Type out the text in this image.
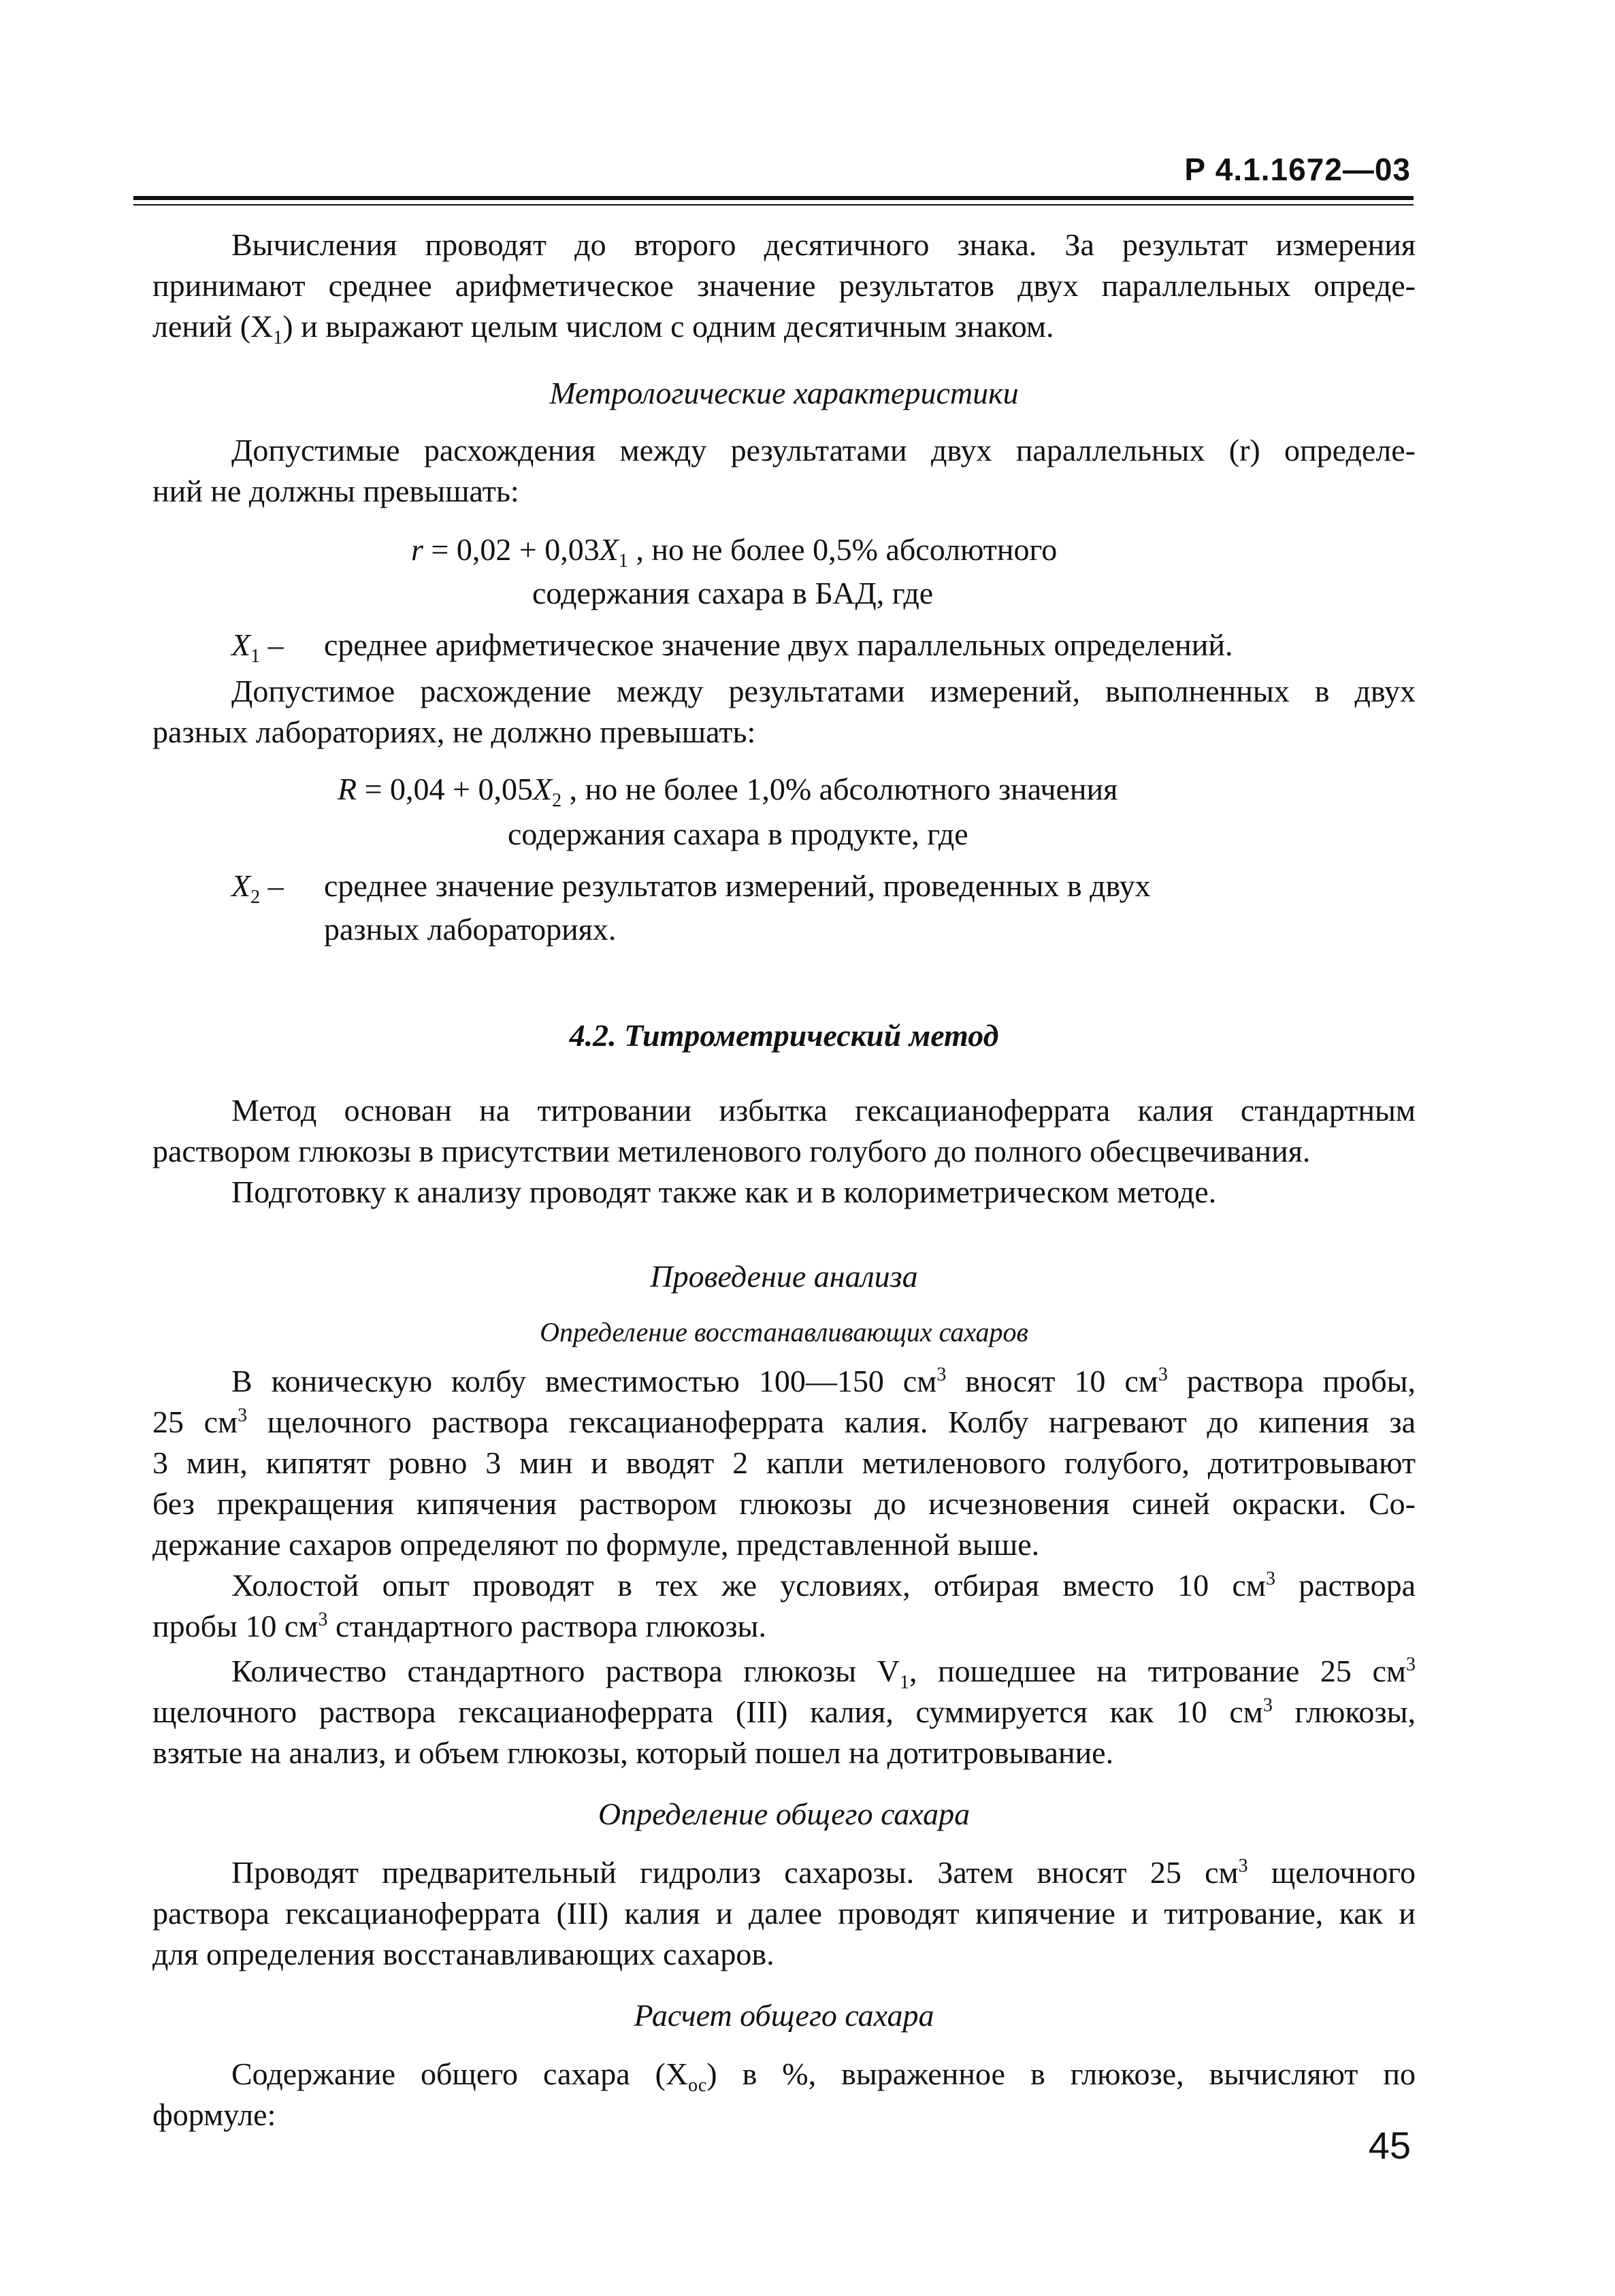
Р 4.1.1672—03
Вычисления проводят до второго десятичного знака. За результат измерения
принимают среднее арифметическое значение результатов двух параллельных опреде-
лений $(X_1)$ и выражают целым числом с одним десятичным знаком.
Метрологические характеристики
Допустимые расхождения между результатами двух параллельных (r) определе-
ний не должны превышать:
$r = 0,02 + 0,03X_1$ , но не более 0,5% абсолютного
содержания сахара в БАД, где
$X_1$ – среднее арифметическое значение двух параллельных определений.
Допустимое расхождение между результатами измерений, выполненных в двух
разных лабораториях, не должно превышать:
$R = 0,04 + 0,05X_2$ , но не более 1,0% абсолютного значения
содержания сахара в продукте, где
$X_2$ – среднее значение результатов измерений, проведенных в двух
разных лабораториях.
4.2. Титрометрический метод
Метод основан на титровании избытка гексацианоферрата калия стандартным
раствором глюкозы в присутствии метиленового голубого до полного обесцвечивания.
Подготовку к анализу проводят также как и в колориметрическом методе.
Проведение анализа
Определение восстанавливающих сахаров
В коническую колбу вместимостью 100—150 $см^3$ вносят 10 $см^3$ раствора пробы,
25 $см^3$ щелочного раствора гексацианоферрата калия. Колбу нагревают до кипения за
3 мин, кипятят ровно 3 мин и вводят 2 капли метиленового голубого, дотитровывают
без прекращения кипячения раствором глюкозы до исчезновения синей окраски. Со-
держание сахаров определяют по формуле, представленной выше.
Холостой опыт проводят в тех же условиях, отбирая вместо 10 $см^3$ раствора
пробы 10 $см^3$ стандартного раствора глюкозы.
Количество стандартного раствора глюкозы $V_1$, пошедшее на титрование 25 $см^3$
щелочного раствора гексацианоферрата (III) калия, суммируется как 10 $см^3$ глюкозы,
взятые на анализ, и объем глюкозы, который пошел на дотитровывание.
Определение общего сахара
Проводят предварительный гидролиз сахарозы. Затем вносят 25 $см^3$ щелочного
раствора гексацианоферрата (III) калия и далее проводят кипячение и титрование, как и
для определения восстанавливающих сахаров.
Расчет общего сахара
Содержание общего сахара $(X_{ос})$ в %, выраженное в глюкозе, вычисляют по
формуле:
45
